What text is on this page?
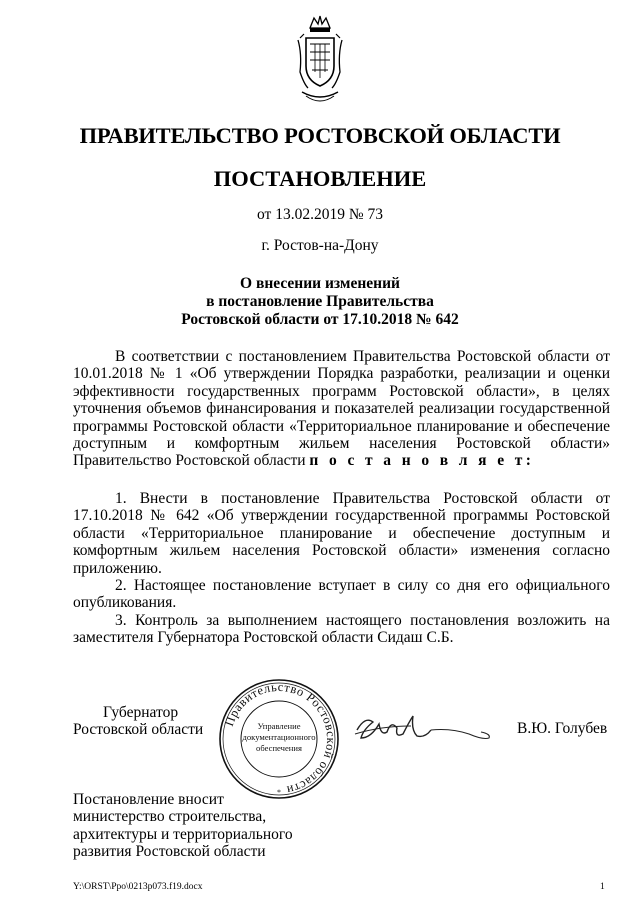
ПРАВИТЕЛЬСТВО РОСТОВСКОЙ ОБЛАСТИ
ПОСТАНОВЛЕНИЕ
от 13.02.2019 № 73
г. Ростов-на-Дону
О внесении изменений
в постановление Правительства
Ростовской области от 17.10.2018 № 642

В соответствии с постановлением Правительства Ростовской области от 10.01.2018 № 1 «Об утверждении Порядка разработки, реализации и оценки эффективности государственных программ Ростовской области», в целях уточнения объемов финансирования и показателей реализации государственной программы Ростовской области «Территориальное планирование и обеспечение доступным и комфортным жильем населения Ростовской области» Правительство Ростовской области п о с т а н о в л я е т:

1. Внести в постановление Правительства Ростовской области от 17.10.2018 № 642 «Об утверждении государственной программы Ростовской области «Территориальное планирование и обеспечение доступным и комфортным жильем населения Ростовской области» изменения согласно приложению.

2. Настоящее постановление вступает в силу со дня его официального опубликования.

3. Контроль за выполнением настоящего постановления возложить на заместителя Губернатора Ростовской области Сидаш С.Б.

Губернатор
Ростовской области
Правительство Ростовской области
Управление
документационного
обеспечения
*
В.Ю. Голубев
Постановление вносит
министерство строительства,
архитектуры и территориального
развития Ростовской области
Y:\ORST\Ppo\0213p073.f19.docx	1
